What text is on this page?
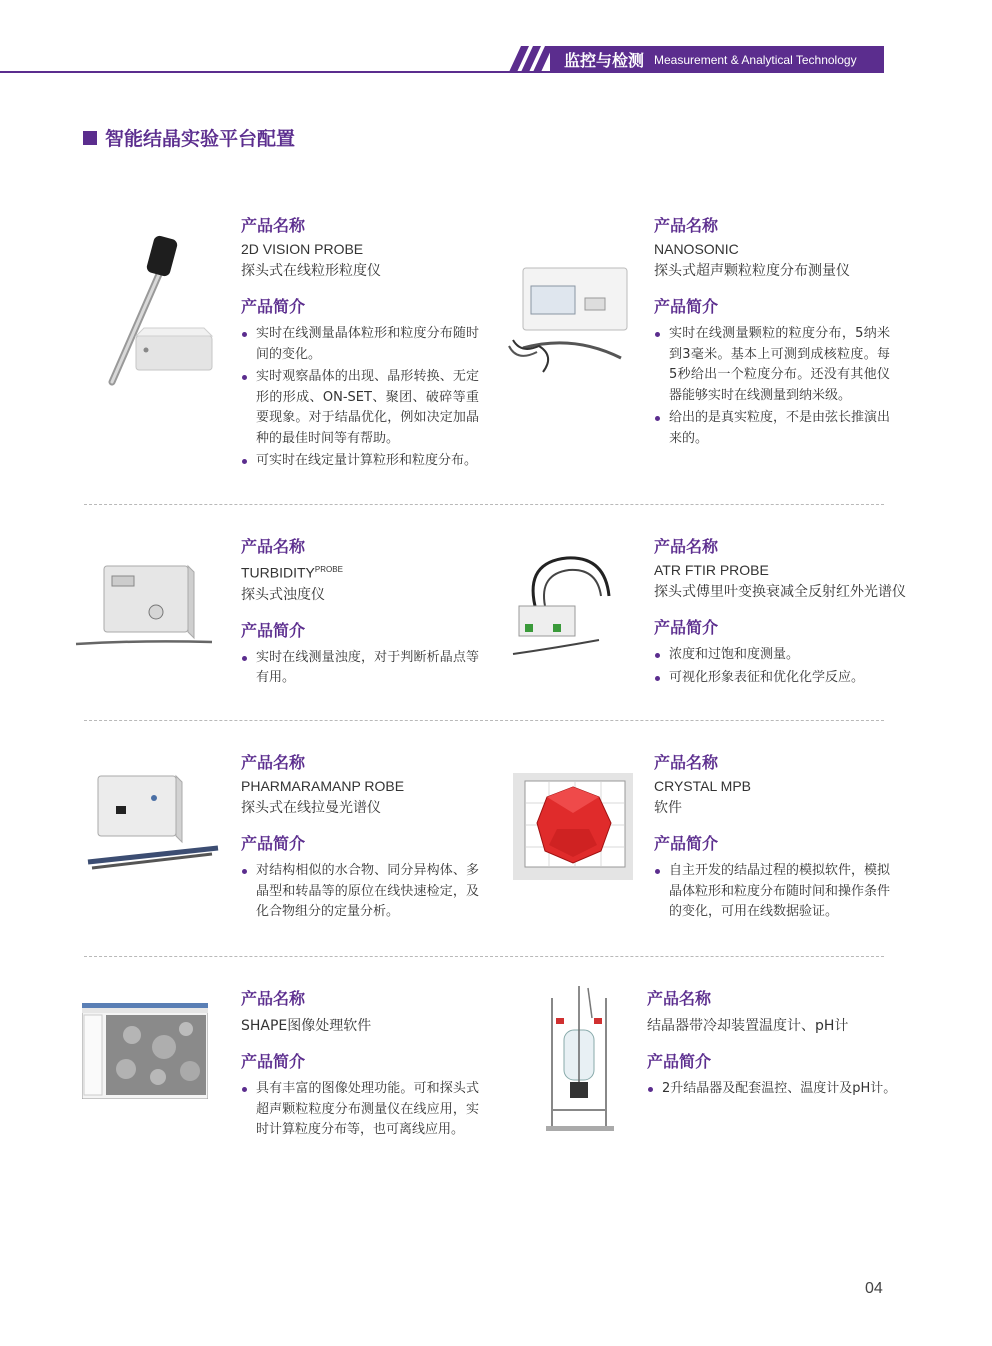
监控与检测 Measurement & Analytical Technology
智能结晶实验平台配置
产品名称
2D VISION PROBE
探头式在线粒形粒度仪
产品简介
实时在线测量晶体粒形和粒度分布随时间的变化。
实时观察晶体的出现、晶形转换、无定形的形成、ON-SET、聚团、破碎等重要现象。对于结晶优化，例如决定加晶种的最佳时间等有帮助。
可实时在线定量计算粒形和粒度分布。
产品名称
NANOSONIC
探头式超声颗粒粒度分布测量仪
产品简介
实时在线测量颗粒的粒度分布，5纳米到3毫米。基本上可测到成核粒度。每5秒给出一个粒度分布。还没有其他仪器能够实时在线测量到纳米级。
给出的是真实粒度，不是由弦长推演出来的。
产品名称
$TURBIDITY^{PROBE}$
探头式浊度仪
产品简介
实时在线测量浊度，对于判断析晶点等有用。
产品名称
ATR FTIR PROBE
探头式傅里叶变换衰减全反射红外光谱仪
产品简介
浓度和过饱和度测量。
可视化形象表征和优化化学反应。
产品名称
PHARMARAMANP ROBE
探头式在线拉曼光谱仪
产品简介
对结构相似的水合物、同分异构体、多晶型和转晶等的原位在线快速检定，及化合物组分的定量分析。
产品名称
CRYSTAL MPB
软件
产品简介
自主开发的结晶过程的模拟软件，模拟晶体粒形和粒度分布随时间和操作条件的变化，可用在线数据验证。
产品名称
SHAPE图像处理软件
产品简介
具有丰富的图像处理功能。可和探头式超声颗粒粒度分布测量仪在线应用，实时计算粒度分布等，也可离线应用。
产品名称
结晶器带冷却装置温度计、pH计
产品简介
2升结晶器及配套温控、温度计及pH计。
04
